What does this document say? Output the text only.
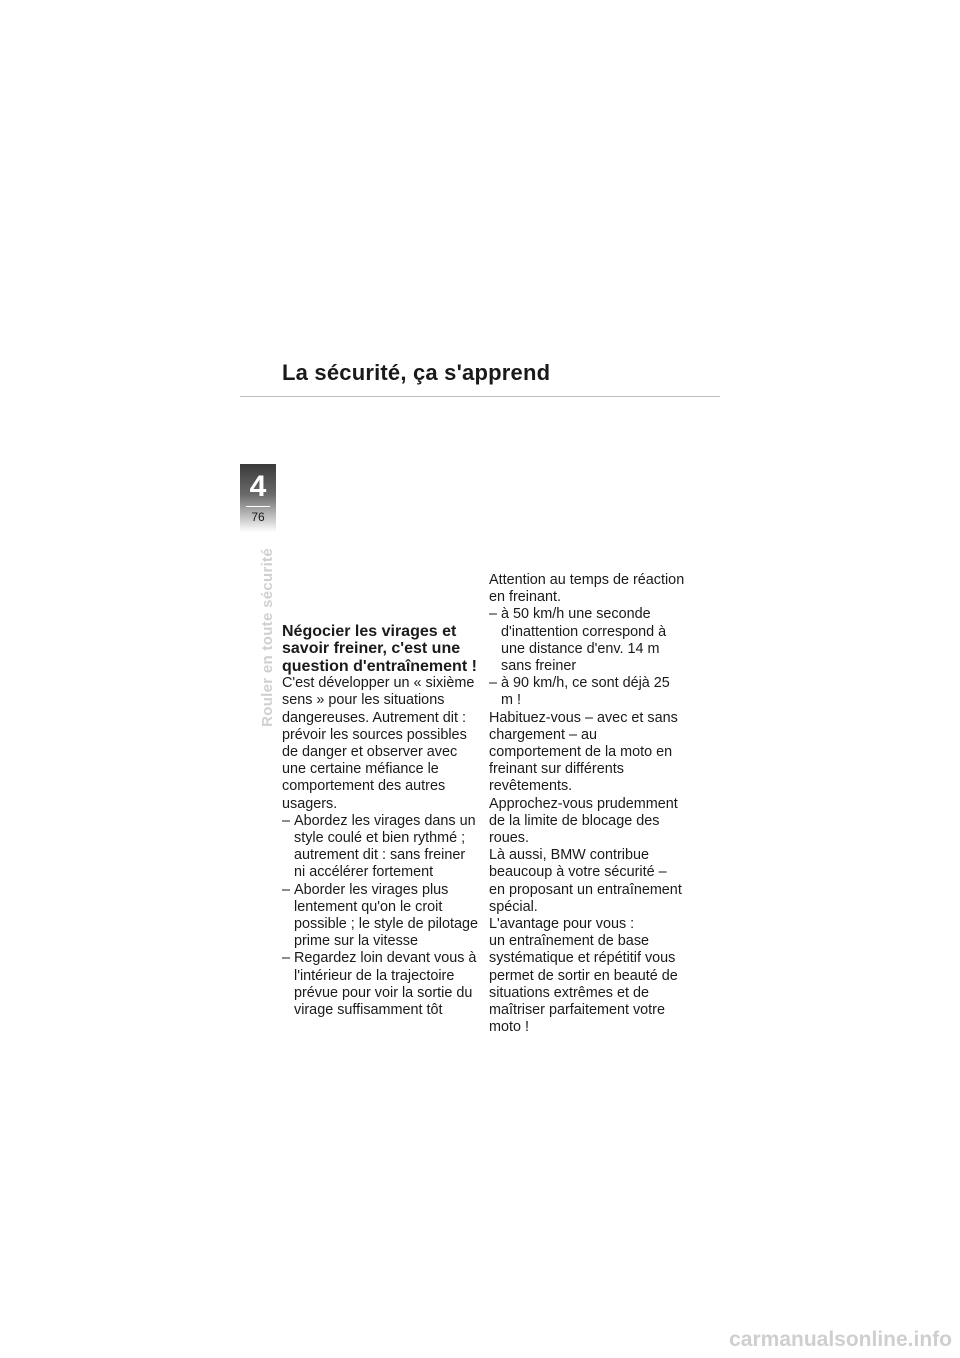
La sécurité, ça s'apprend
4
76
Rouler en toute sécurité Négocier les virages et savoir freiner, c'est une question d'entraînement !

C'est développer un « sixième sens » pour les situations dangereuses. Autrement dit : prévoir les sources possibles de danger et observer avec une certaine méfiance le comportement des autres usagers.

– Abordez les virages dans un style coulé et bien rythmé ; autrement dit : sans freiner ni accélérer fortement
– Aborder les virages plus lentement qu'on le croit possible ; le style de pilotage prime sur la vitesse
– Regardez loin devant vous à l'intérieur de la trajectoire prévue pour voir la sortie du virage suffisamment tôt

Attention au temps de réaction en freinant.

– à 50 km/h une seconde d'inattention correspond à une distance d'env. 14 m sans freiner
– à 90 km/h, ce sont déjà 25 m !

Habituez-vous – avec et sans chargement – au comportement de la moto en freinant sur différents revêtements.

Approchez-vous prudemment de la limite de blocage des roues.

Là aussi, BMW contribue beaucoup à votre sécurité – en proposant un entraînement spécial.

L'avantage pour vous :

un entraînement de base systématique et répétitif vous permet de sortir en beauté de situations extrêmes et de maîtriser parfaitement votre moto !

carmanualsonline.info
